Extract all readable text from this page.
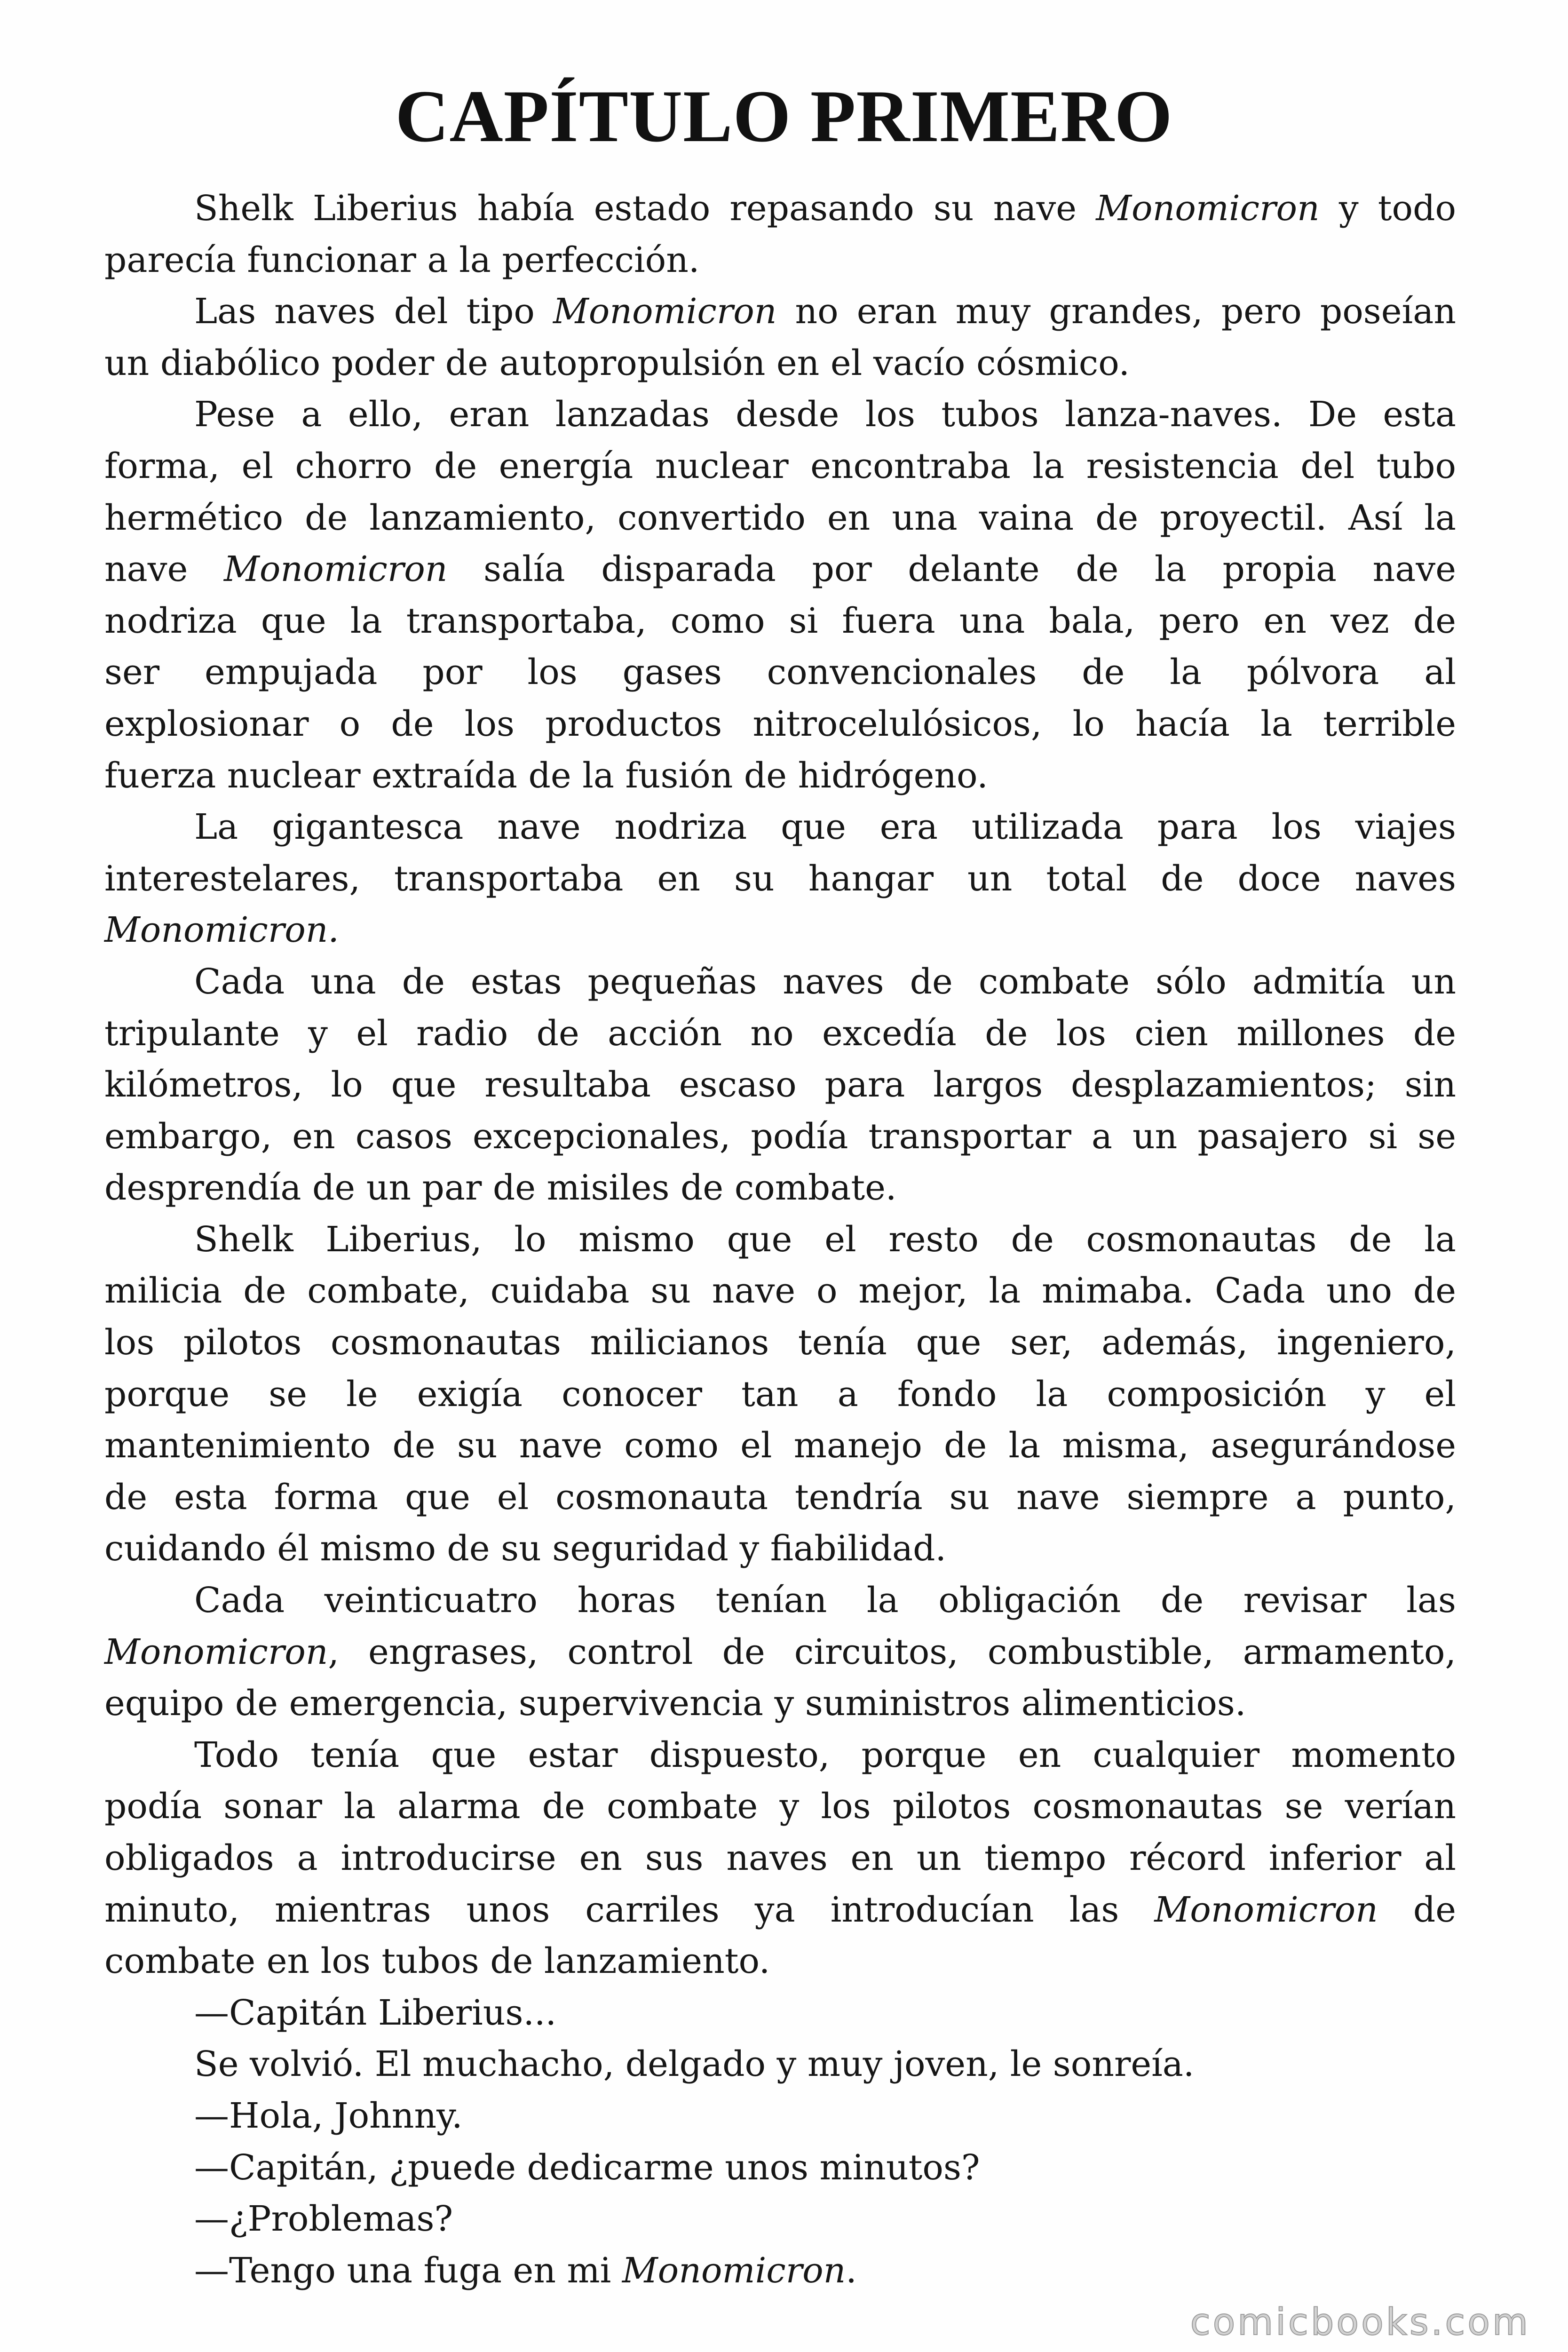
CAPÍTULO PRIMERO
Shelk Liberius había estado repasando su nave Monomicron y todo
parecía funcionar a la perfección.
Las naves del tipo Monomicron no eran muy grandes, pero poseían
un diabólico poder de autopropulsión en el vacío cósmico.
Pese a ello, eran lanzadas desde los tubos lanza-naves. De esta
forma, el chorro de energía nuclear encontraba la resistencia del tubo
hermético de lanzamiento, convertido en una vaina de proyectil. Así la
nave Monomicron salía disparada por delante de la propia nave
nodriza que la transportaba, como si fuera una bala, pero en vez de
ser empujada por los gases convencionales de la pólvora al
explosionar o de los productos nitrocelulósicos, lo hacía la terrible
fuerza nuclear extraída de la fusión de hidrógeno.
La gigantesca nave nodriza que era utilizada para los viajes
interestelares, transportaba en su hangar un total de doce naves
Monomicron.
Cada una de estas pequeñas naves de combate sólo admitía un
tripulante y el radio de acción no excedía de los cien millones de
kilómetros, lo que resultaba escaso para largos desplazamientos; sin
embargo, en casos excepcionales, podía transportar a un pasajero si se
desprendía de un par de misiles de combate.
Shelk Liberius, lo mismo que el resto de cosmonautas de la
milicia de combate, cuidaba su nave o mejor, la mimaba. Cada uno de
los pilotos cosmonautas milicianos tenía que ser, además, ingeniero,
porque se le exigía conocer tan a fondo la composición y el
mantenimiento de su nave como el manejo de la misma, asegurándose
de esta forma que el cosmonauta tendría su nave siempre a punto,
cuidando él mismo de su seguridad y fiabilidad.
Cada veinticuatro horas tenían la obligación de revisar las
Monomicron, engrases, control de circuitos, combustible, armamento,
equipo de emergencia, supervivencia y suministros alimenticios.
Todo tenía que estar dispuesto, porque en cualquier momento
podía sonar la alarma de combate y los pilotos cosmonautas se verían
obligados a introducirse en sus naves en un tiempo récord inferior al
minuto, mientras unos carriles ya introducían las Monomicron de
combate en los tubos de lanzamiento.
—Capitán Liberius...
Se volvió. El muchacho, delgado y muy joven, le sonreía.
—Hola, Johnny.
—Capitán, ¿puede dedicarme unos minutos?
—¿Problemas?
—Tengo una fuga en mi Monomicron.
comicbooks.com
